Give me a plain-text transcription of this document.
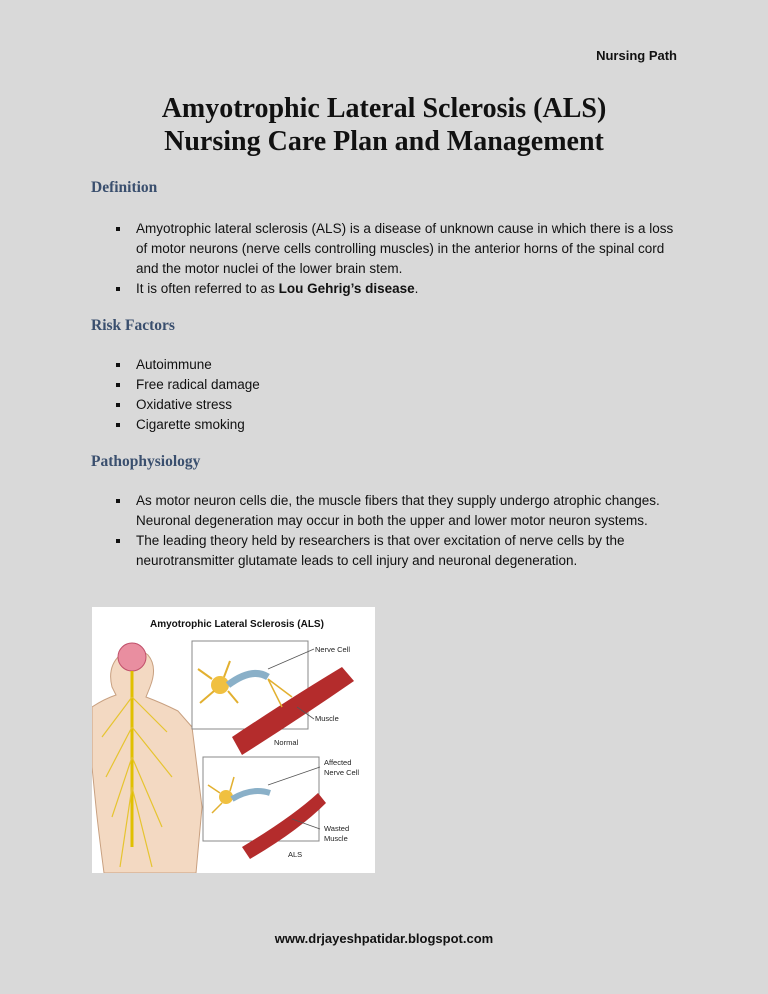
Nursing Path
Amyotrophic Lateral Sclerosis (ALS)
Nursing Care Plan and Management
Definition
Amyotrophic lateral sclerosis (ALS) is a disease of unknown cause in which there is a loss of motor neurons (nerve cells controlling muscles) in the anterior horns of the spinal cord and the motor nuclei of the lower brain stem.
It is often referred to as Lou Gehrig’s disease.
Risk Factors
Autoimmune
Free radical damage
Oxidative stress
Cigarette smoking
Pathophysiology
As motor neuron cells die, the muscle fibers that they supply undergo atrophic changes. Neuronal degeneration may occur in both the upper and lower motor neuron systems.
The leading theory held by researchers is that over excitation of nerve cells by the neurotransmitter glutamate leads to cell injury and neuronal degeneration.
Amyotrophic Lateral Sclerosis (ALS)
Nerve Cell
Muscle
Normal
Affected
Nerve Cell
Wasted
Muscle
ALS
www.drjayeshpatidar.blogspot.com
